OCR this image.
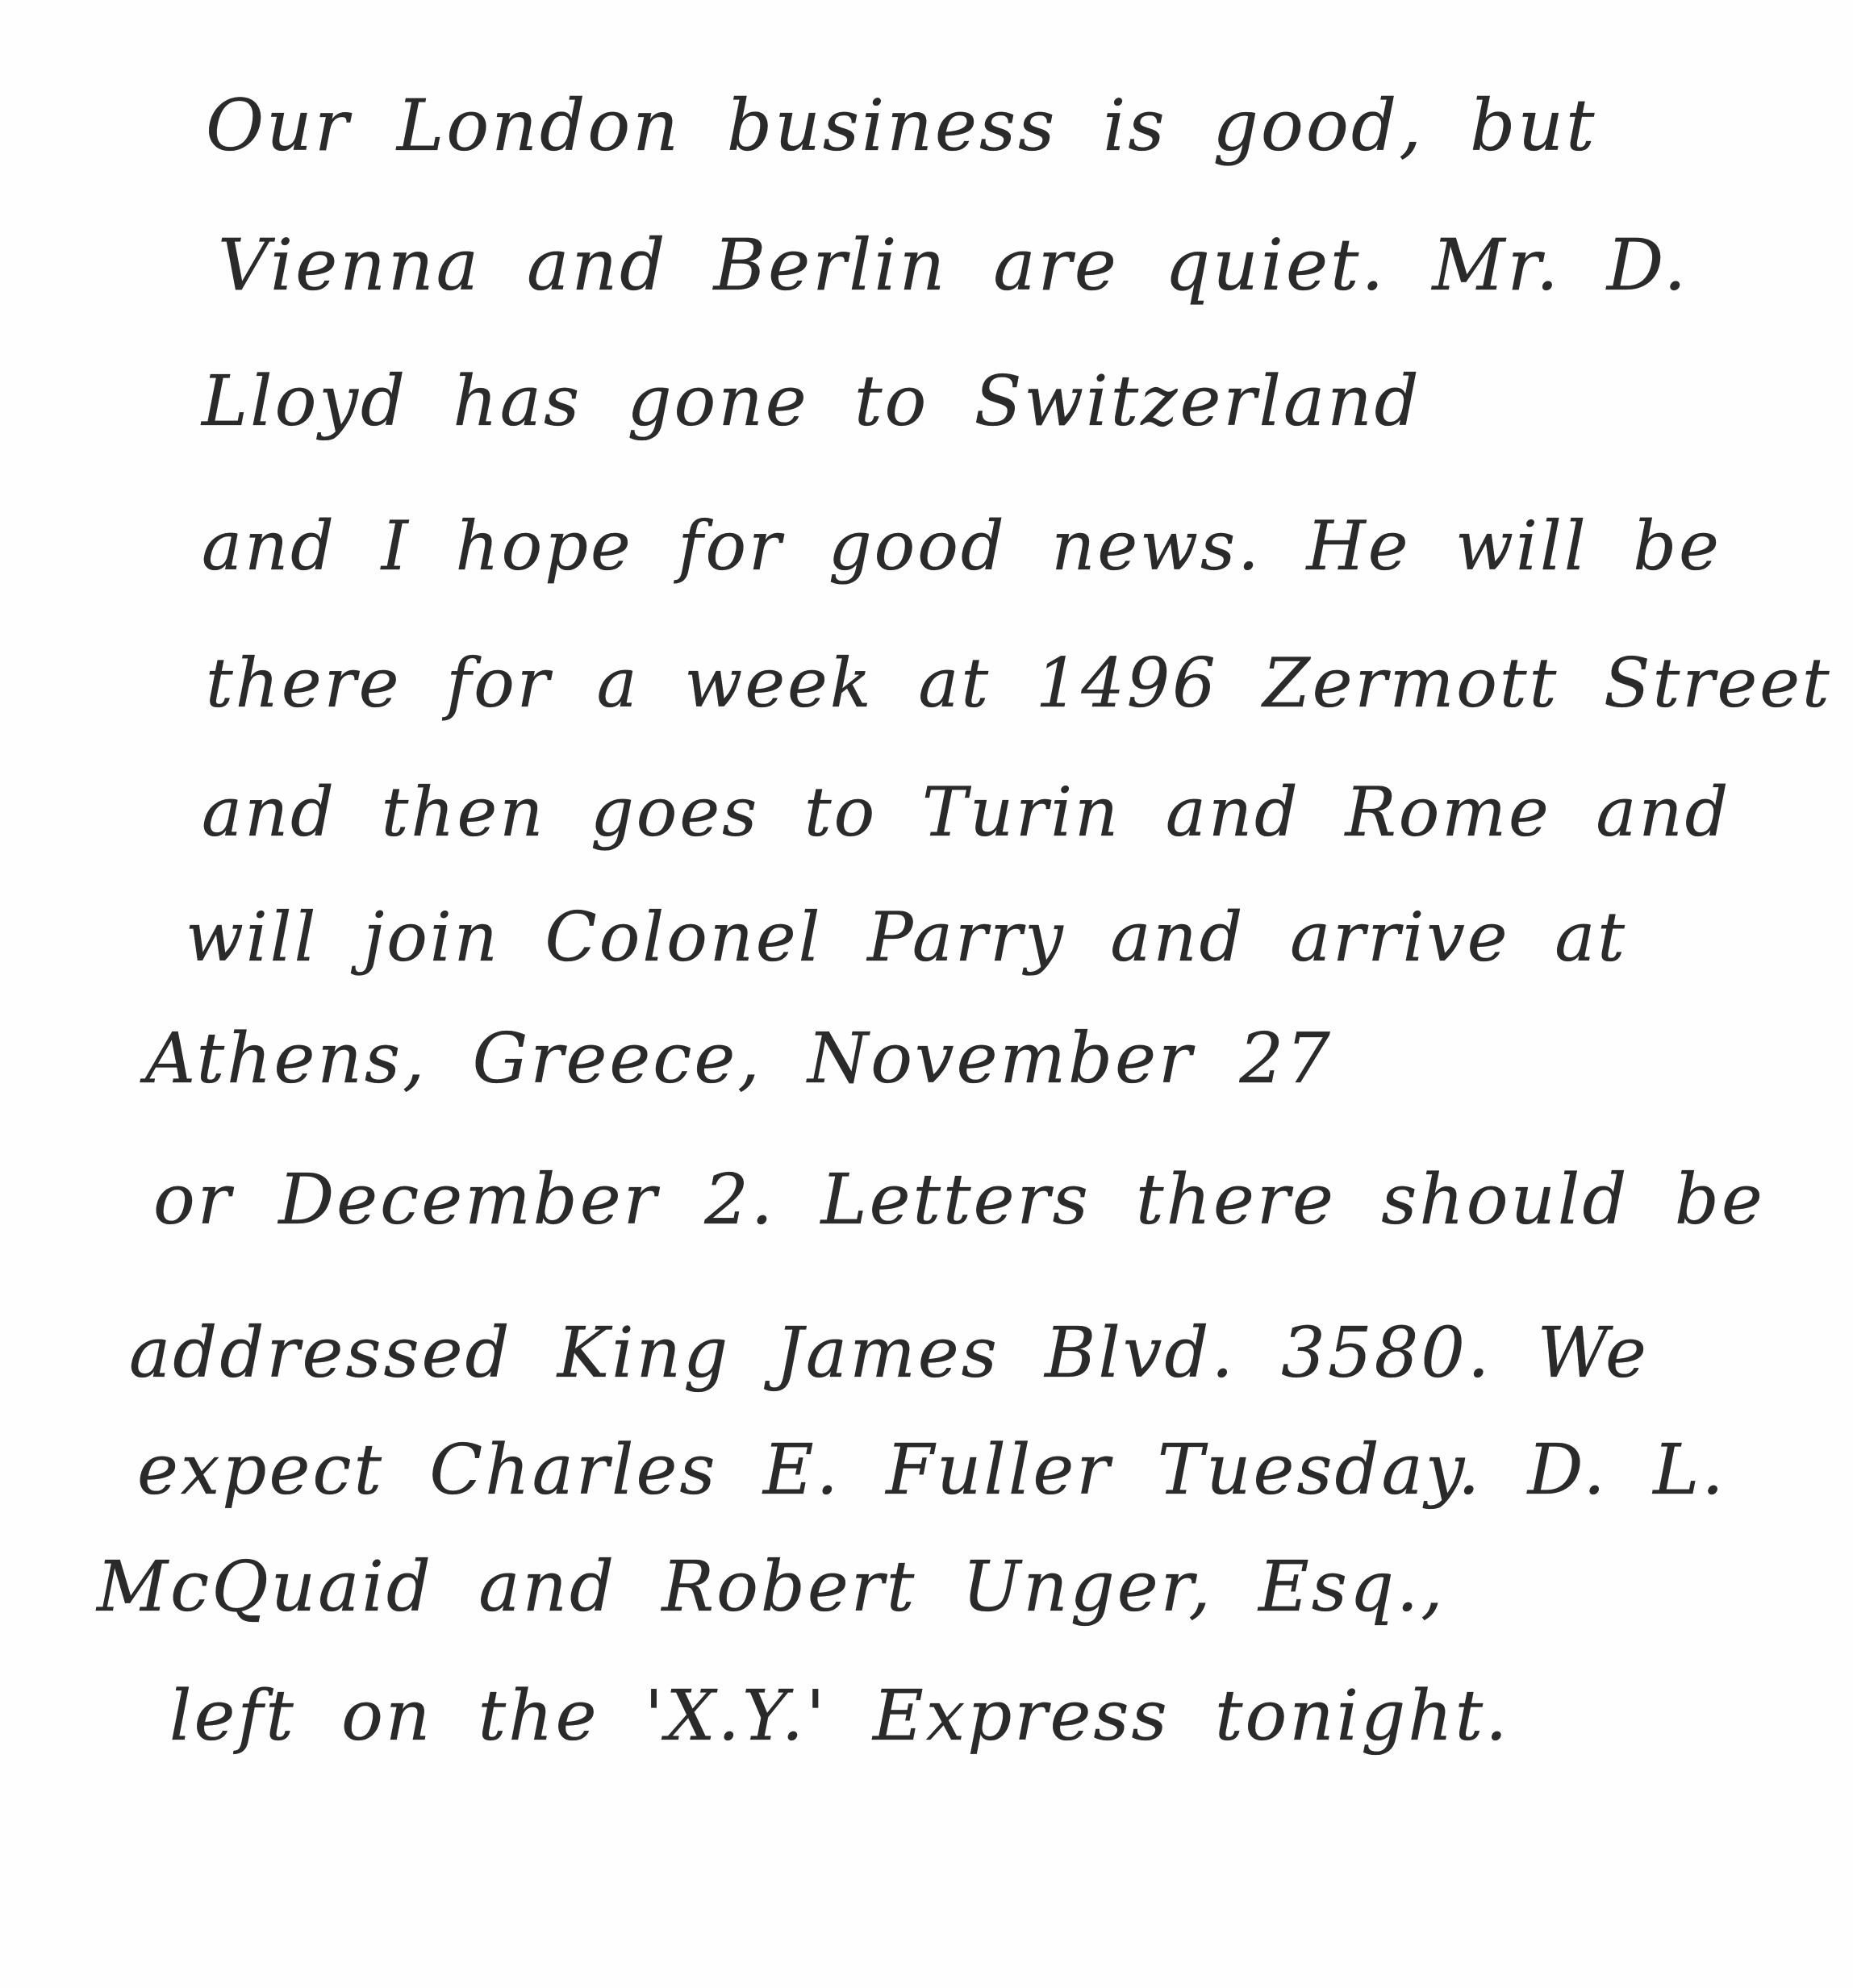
Our London business is good, but
Vienna and Berlin are quiet. Mr. D.
Lloyd has gone to Switzerland
and I hope for good news. He will be
there for a week at 1496 Zermott Street
and then goes to Turin and Rome and
will join Colonel Parry and arrive at
Athens, Greece, November 27
or December 2. Letters there should be
addressed King James Blvd. 3580. We
expect Charles E. Fuller Tuesday. D. L.
McQuaid and Robert Unger, Esq.,
left on the 'X.Y.' Express tonight.
